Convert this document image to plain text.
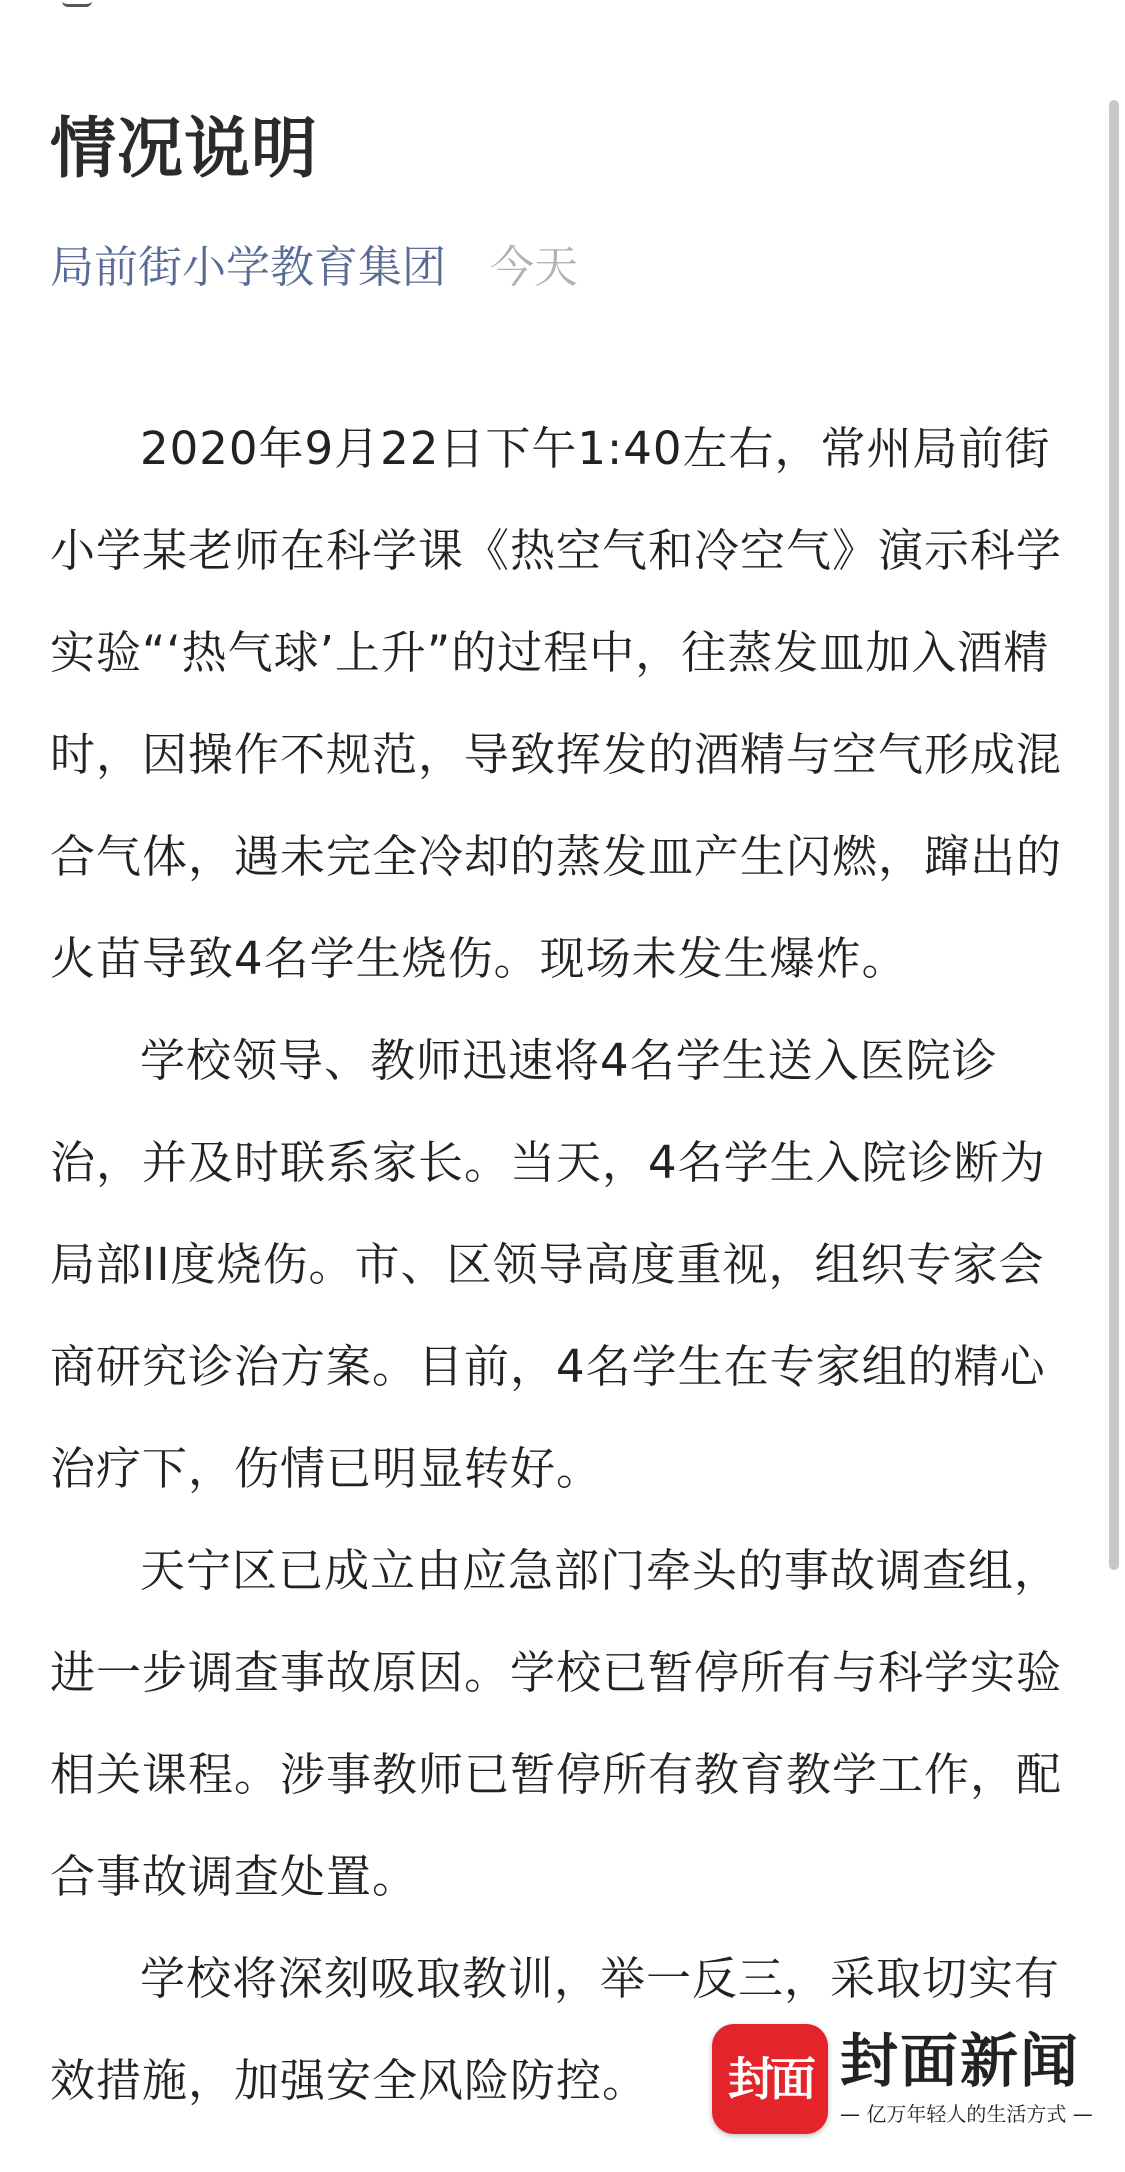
情况说明
局前街小学教育集团 今天

2020年9月22日下午1:40左右，常州局前街小学某老师在科学课《热空气和冷空气》演示科学实验“‘热气球’上升”的过程中，往蒸发皿加入酒精时，因操作不规范，导致挥发的酒精与空气形成混合气体，遇未完全冷却的蒸发皿产生闪燃，蹿出的火苗导致4名学生烧伤。现场未发生爆炸。

学校领导、教师迅速将4名学生送入医院诊治，并及时联系家长。当天，4名学生入院诊断为局部II度烧伤。市、区领导高度重视，组织专家会商研究诊治方案。目前，4名学生在专家组的精心治疗下，伤情已明显转好。

天宁区已成立由应急部门牵头的事故调查组，进一步调查事故原因。学校已暂停所有与科学实验相关课程。涉事教师已暂停所有教育教学工作，配合事故调查处置。

学校将深刻吸取教训，举一反三，采取切实有效措施，加强安全风险防控。	封面 封面新闻
— 亿万年轻人的生活方式 —
